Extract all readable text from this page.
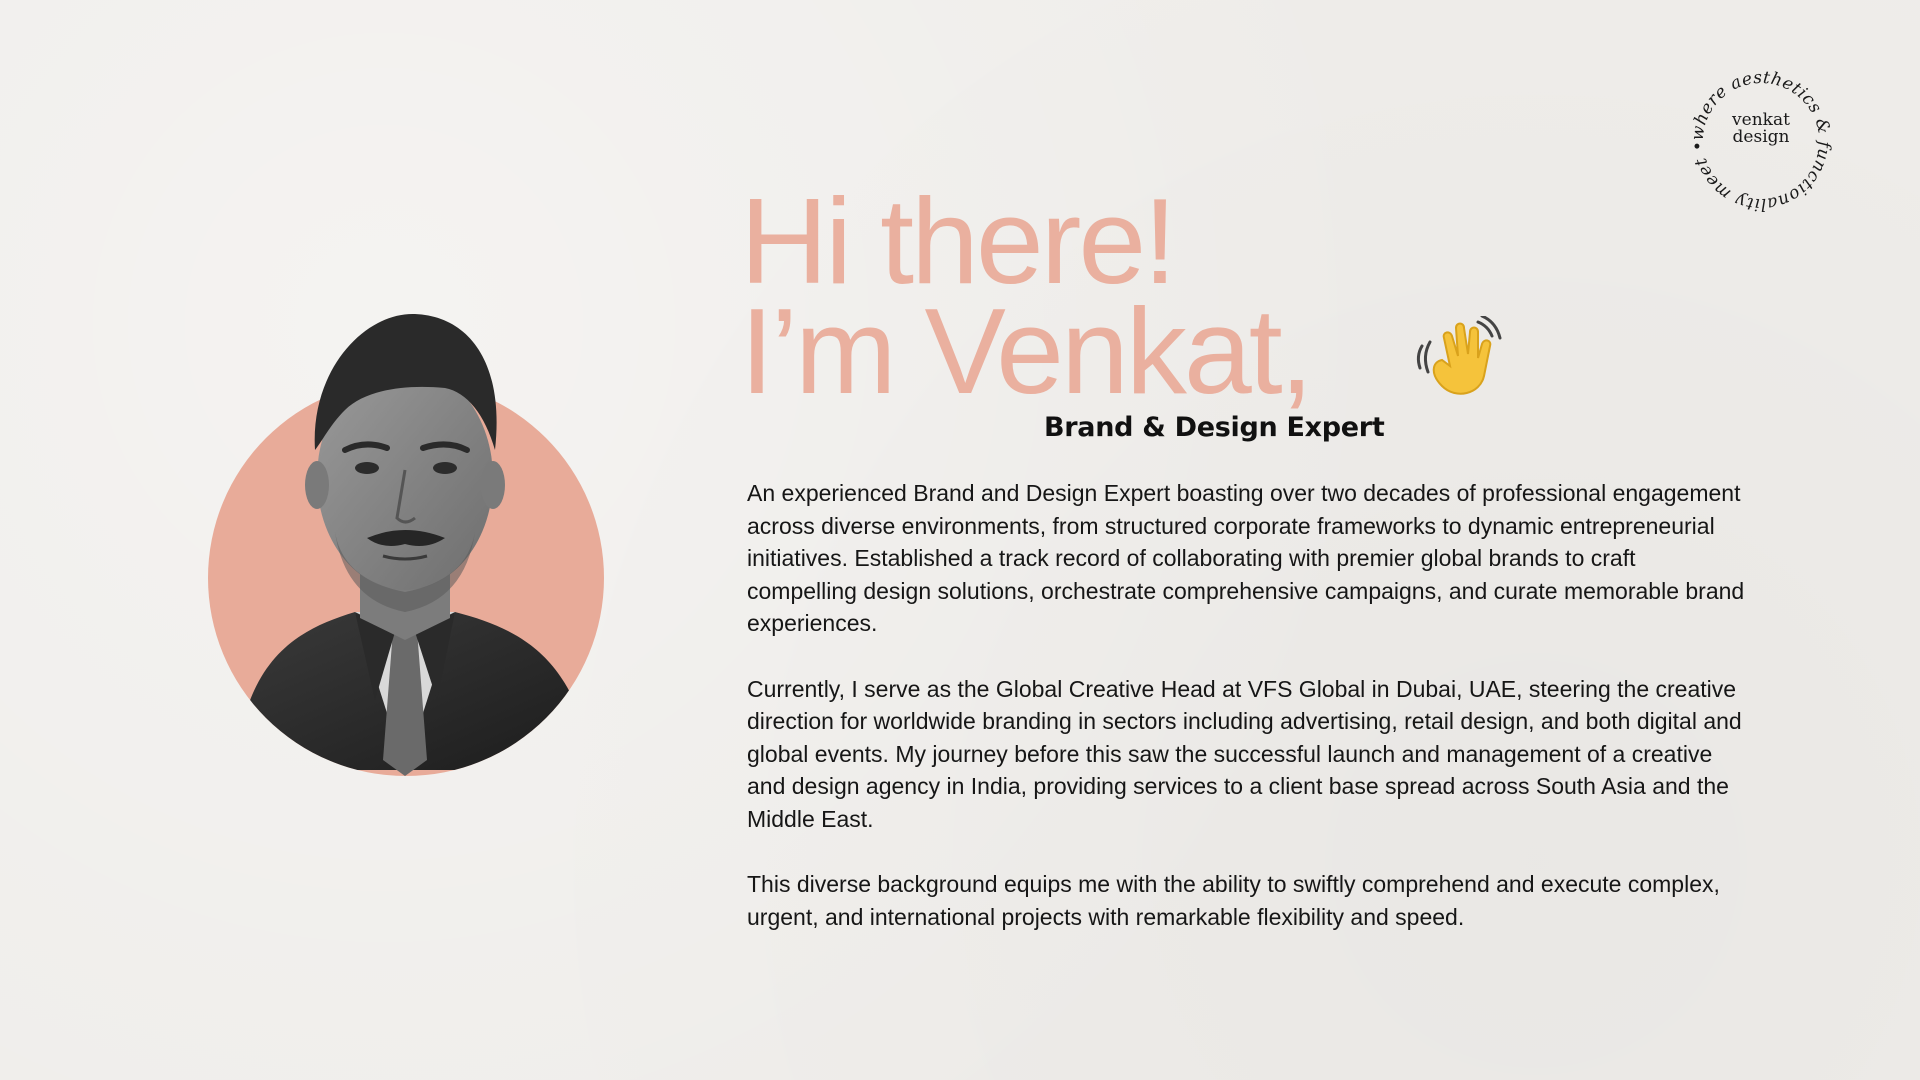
where aesthetics & functionality meet •
venkat
design
Hi there!
I’m Venkat,
Brand & Design Expert

An experienced Brand and Design Expert boasting over two decades of professional engagement across diverse environments, from structured corporate frameworks to dynamic entrepreneurial initiatives. Established a track record of collaborating with premier global brands to craft compelling design solutions, orchestrate comprehensive campaigns, and curate memorable brand experiences.

Currently, I serve as the Global Creative Head at VFS Global in Dubai, UAE, steering the creative direction for worldwide branding in sectors including advertising, retail design, and both digital and global events. My journey before this saw the successful launch and management of a creative and design agency in India, providing services to a client base spread across South Asia and the Middle East.

This diverse background equips me with the ability to swiftly comprehend and execute complex, urgent, and international projects with remarkable flexibility and speed.
